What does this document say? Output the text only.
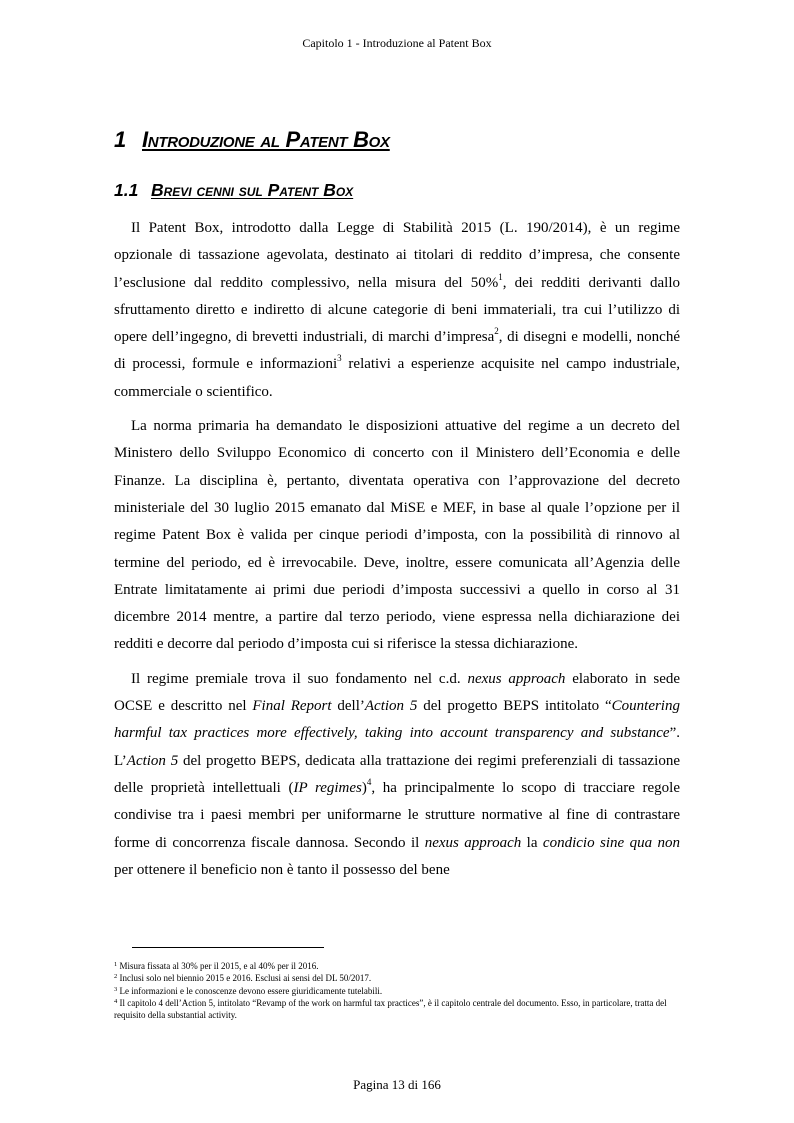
Capitolo 1 - Introduzione al Patent Box
1 Introduzione al Patent Box
1.1 Brevi cenni sul Patent Box

Il Patent Box, introdotto dalla Legge di Stabilità 2015 (L. 190/2014), è un regime opzionale di tassazione agevolata, destinato ai titolari di reddito d’impresa, che consente l’esclusione dal reddito complessivo, nella misura del 50%$^1$, dei redditi derivanti dallo sfruttamento diretto e indiretto di alcune categorie di beni immateriali, tra cui l’utilizzo di opere dell’ingegno, di brevetti industriali, di marchi d’impresa$^2$, di disegni e modelli, nonché di processi, formule e informazioni$^3$ relativi a esperienze acquisite nel campo industriale, commerciale o scientifico.

La norma primaria ha demandato le disposizioni attuative del regime a un decreto del Ministero dello Sviluppo Economico di concerto con il Ministero dell’Economia e delle Finanze. La disciplina è, pertanto, diventata operativa con l’approvazione del decreto ministeriale del 30 luglio 2015 emanato dal MiSE e MEF, in base al quale l’opzione per il regime Patent Box è valida per cinque periodi d’imposta, con la possibilità di rinnovo al termine del periodo, ed è irrevocabile. Deve, inoltre, essere comunicata all’Agenzia delle Entrate limitatamente ai primi due periodi d’imposta successivi a quello in corso al 31 dicembre 2014 mentre, a partire dal terzo periodo, viene espressa nella dichiarazione dei redditi e decorre dal periodo d’imposta cui si riferisce la stessa dichiarazione.

Il regime premiale trova il suo fondamento nel c.d. nexus approach elaborato in sede OCSE e descritto nel Final Report dell’Action 5 del progetto BEPS intitolato “Countering harmful tax practices more effectively, taking into account transparency and substance”. L’Action 5 del progetto BEPS, dedicata alla trattazione dei regimi preferenziali di tassazione delle proprietà intellettuali (IP regimes)$^4$, ha principalmente lo scopo di tracciare regole condivise tra i paesi membri per uniformarne le strutture normative al fine di contrastare forme di concorrenza fiscale dannosa. Secondo il nexus approach la condicio sine qua non per ottenere il beneficio non è tanto il possesso del bene

$^1$ Misura fissata al 30% per il 2015, e al 40% per il 2016.

$^2$ Inclusi solo nel biennio 2015 e 2016. Esclusi ai sensi del DL 50/2017.

$^3$ Le informazioni e le conoscenze devono essere giuridicamente tutelabili.

$^4$ Il capitolo 4 dell’Action 5, intitolato “Revamp of the work on harmful tax practices”, è il capitolo centrale del documento. Esso, in particolare, tratta del requisito della substantial activity.

Pagina 13 di 166
